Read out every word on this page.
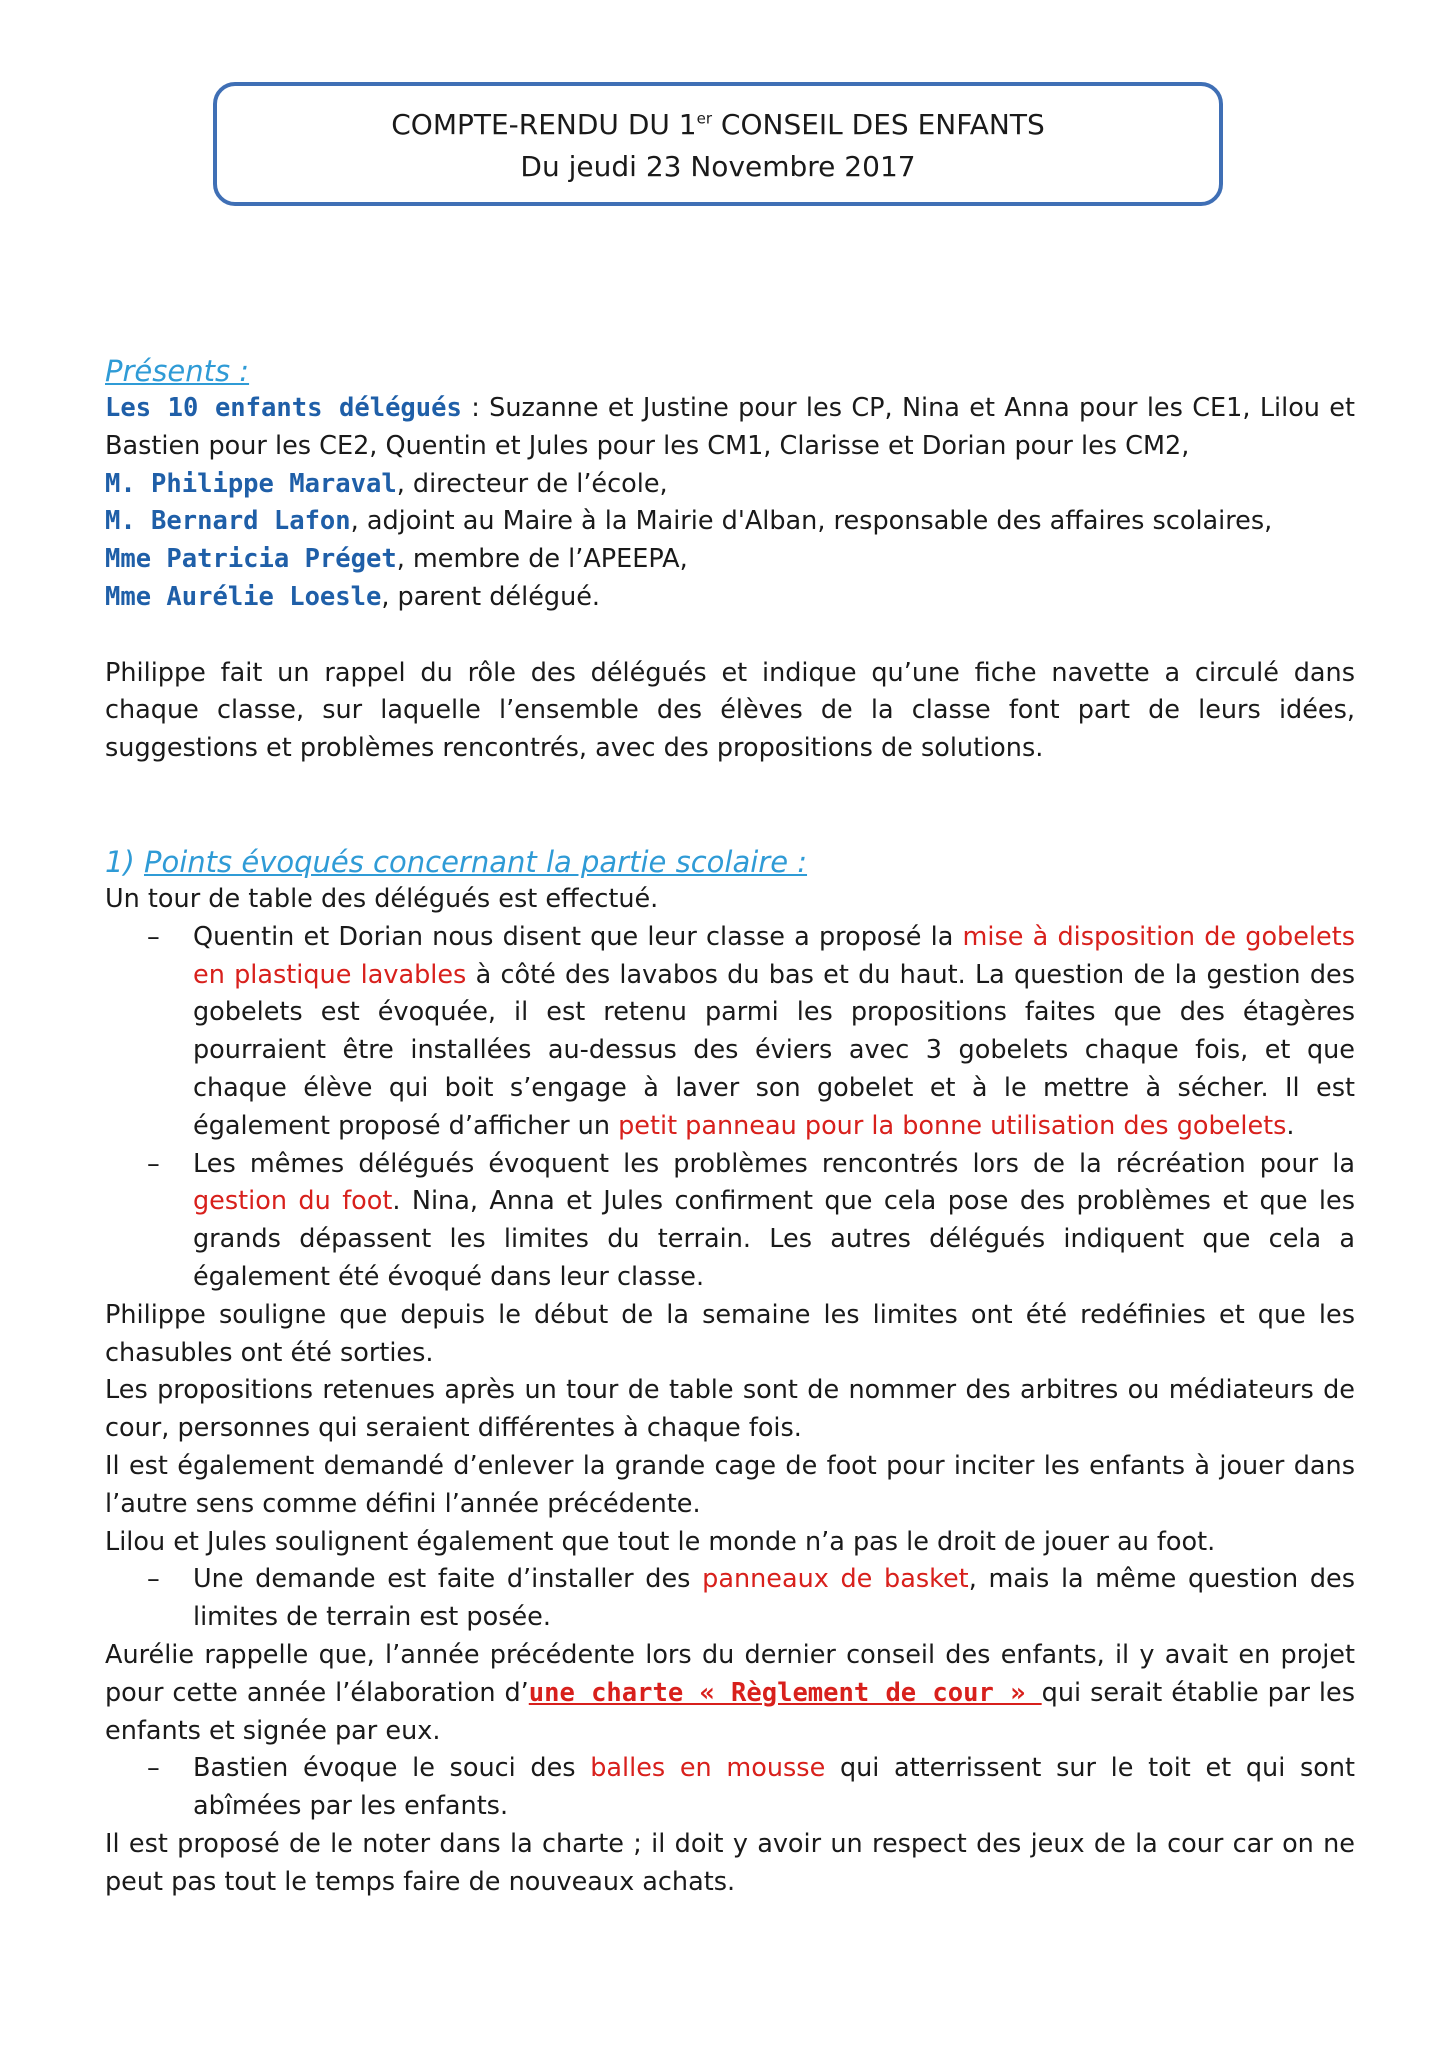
COMPTE-RENDU DU 1er CONSEIL DES ENFANTS
Du jeudi 23 Novembre 2017
Présents :

Les 10 enfants délégués : Suzanne et Justine pour les CP, Nina et Anna pour les CE1, Lilou et Bastien pour les CE2, Quentin et Jules pour les CM1, Clarisse et Dorian pour les CM2,

M. Philippe Maraval, directeur de l’école,

M. Bernard Lafon, adjoint au Maire à la Mairie d'Alban, responsable des affaires scolaires,

Mme Patricia Préget, membre de l’APEEPA,

Mme Aurélie Loesle, parent délégué.

Philippe fait un rappel du rôle des délégués et indique qu’une fiche navette a circulé dans chaque classe, sur laquelle l’ensemble des élèves de la classe font part de leurs idées, suggestions et problèmes rencontrés, avec des propositions de solutions.

1) Points évoqués concernant la partie scolaire :

Un tour de table des délégués est effectué.

– Quentin et Dorian nous disent que leur classe a proposé la mise à disposition de gobelets en plastique lavables à côté des lavabos du bas et du haut. La question de la gestion des gobelets est évoquée, il est retenu parmi les propositions faites que des étagères pourraient être installées au-dessus des éviers avec 3 gobelets chaque fois, et que chaque élève qui boit s’engage à laver son gobelet et à le mettre à sécher. Il est également proposé d’afficher un petit panneau pour la bonne utilisation des gobelets.

– Les mêmes délégués évoquent les problèmes rencontrés lors de la récréation pour la gestion du foot. Nina, Anna et Jules confirment que cela pose des problèmes et que les grands dépassent les limites du terrain. Les autres délégués indiquent que cela a également été évoqué dans leur classe.

Philippe souligne que depuis le début de la semaine les limites ont été redéfinies et que les chasubles ont été sorties.

Les propositions retenues après un tour de table sont de nommer des arbitres ou médiateurs de cour, personnes qui seraient différentes à chaque fois.

Il est également demandé d’enlever la grande cage de foot pour inciter les enfants à jouer dans l’autre sens comme défini l’année précédente.

Lilou et Jules soulignent également que tout le monde n’a pas le droit de jouer au foot.

– Une demande est faite d’installer des panneaux de basket, mais la même question des limites de terrain est posée.

Aurélie rappelle que, l’année précédente lors du dernier conseil des enfants, il y avait en projet pour cette année l’élaboration d’une charte « Règlement de cour » qui serait établie par les enfants et signée par eux.

– Bastien évoque le souci des balles en mousse qui atterrissent sur le toit et qui sont abîmées par les enfants.

Il est proposé de le noter dans la charte ; il doit y avoir un respect des jeux de la cour car on ne peut pas tout le temps faire de nouveaux achats.
